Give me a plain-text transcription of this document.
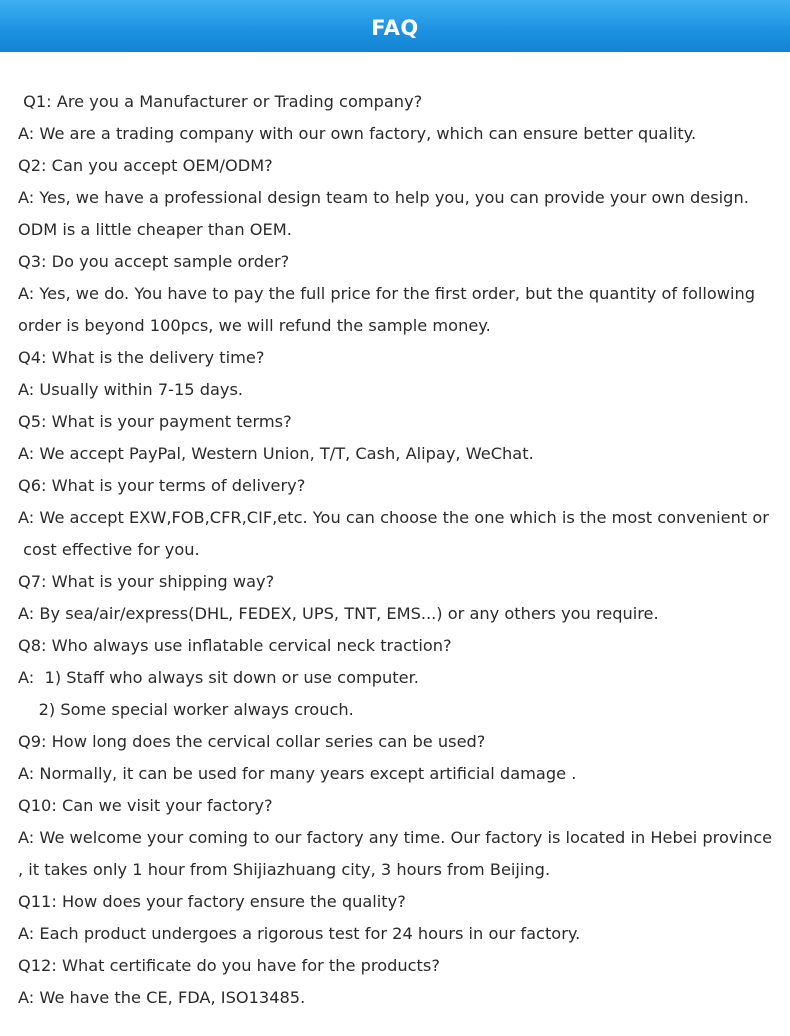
FAQ
Q1: Are you a Manufacturer or Trading company?
A: We are a trading company with our own factory, which can ensure better quality.
Q2: Can you accept OEM/ODM?
A: Yes, we have a professional design team to help you, you can provide your own design.
ODM is a little cheaper than OEM.
Q3: Do you accept sample order?
A: Yes, we do. You have to pay the full price for the first order, but the quantity of following
order is beyond 100pcs, we will refund the sample money.
Q4: What is the delivery time?
A: Usually within 7-15 days.
Q5: What is your payment terms?
A: We accept PayPal, Western Union, T/T, Cash, Alipay, WeChat.
Q6: What is your terms of delivery?
A: We accept EXW,FOB,CFR,CIF,etc. You can choose the one which is the most convenient or
cost effective for you.
Q7: What is your shipping way?
A: By sea/air/express(DHL, FEDEX, UPS, TNT, EMS...) or any others you require.
Q8: Who always use inflatable cervical neck traction?
A:  1) Staff who always sit down or use computer.
2) Some special worker always crouch.
Q9: How long does the cervical collar series can be used?
A: Normally, it can be used for many years except artificial damage .
Q10: Can we visit your factory?
A: We welcome your coming to our factory any time. Our factory is located in Hebei province
, it takes only 1 hour from Shijiazhuang city, 3 hours from Beijing.
Q11: How does your factory ensure the quality?
A: Each product undergoes a rigorous test for 24 hours in our factory.
Q12: What certificate do you have for the products?
A: We have the CE, FDA, ISO13485.
